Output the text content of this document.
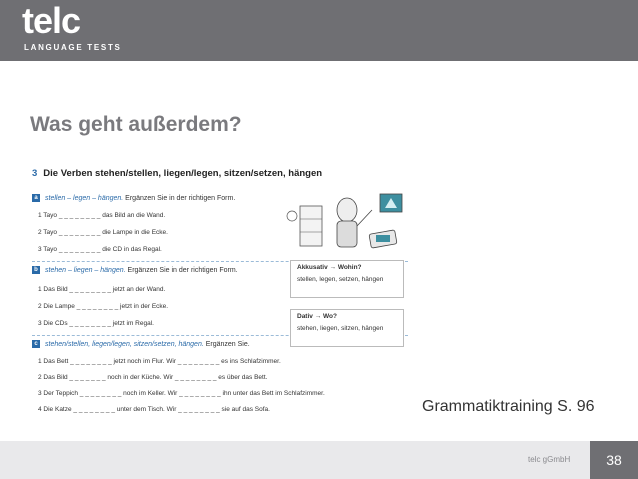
telc
LANGUAGE TESTS
Was geht außerdem?
3 Die Verben stehen/stellen, liegen/legen, sitzen/setzen, hängen
a stellen – legen – hängen. Ergänzen Sie in der richtigen Form.
1 Tayo _ _ _ _ _ _ _ _ das Bild an die Wand.
2 Tayo _ _ _ _ _ _ _ _ die Lampe in die Ecke.
3 Tayo _ _ _ _ _ _ _ _ die CD in das Regal.
b stehen – liegen – hängen. Ergänzen Sie in der richtigen Form.
1 Das Bild _ _ _ _ _ _ _ _ jetzt an der Wand.
2 Die Lampe _ _ _ _ _ _ _ _ jetzt in der Ecke.
3 Die CDs _ _ _ _ _ _ _ _ jetzt im Regal.
c stehen/stellen, liegen/legen, sitzen/setzen, hängen. Ergänzen Sie.
1 Das Bett _ _ _ _ _ _ _ _ jetzt noch im Flur. Wir _ _ _ _ _ _ _ _ es ins Schlafzimmer.
2 Das Bild _ _ _ _ _ _ _ noch in der Küche. Wir _ _ _ _ _ _ _ _ es über das Bett.
3 Der Teppich _ _ _ _ _ _ _ _ noch im Keller. Wir _ _ _ _ _ _ _ _ ihn unter das Bett im Schlafzimmer.
4 Die Katze _ _ _ _ _ _ _ _ unter dem Tisch. Wir _ _ _ _ _ _ _ _ sie auf das Sofa.
Akkusativ → Wohin?
stellen, legen, setzen, hängen
Dativ → Wo?
stehen, liegen, sitzen, hängen
Grammatiktraining S. 96
telc gGmbH	38
